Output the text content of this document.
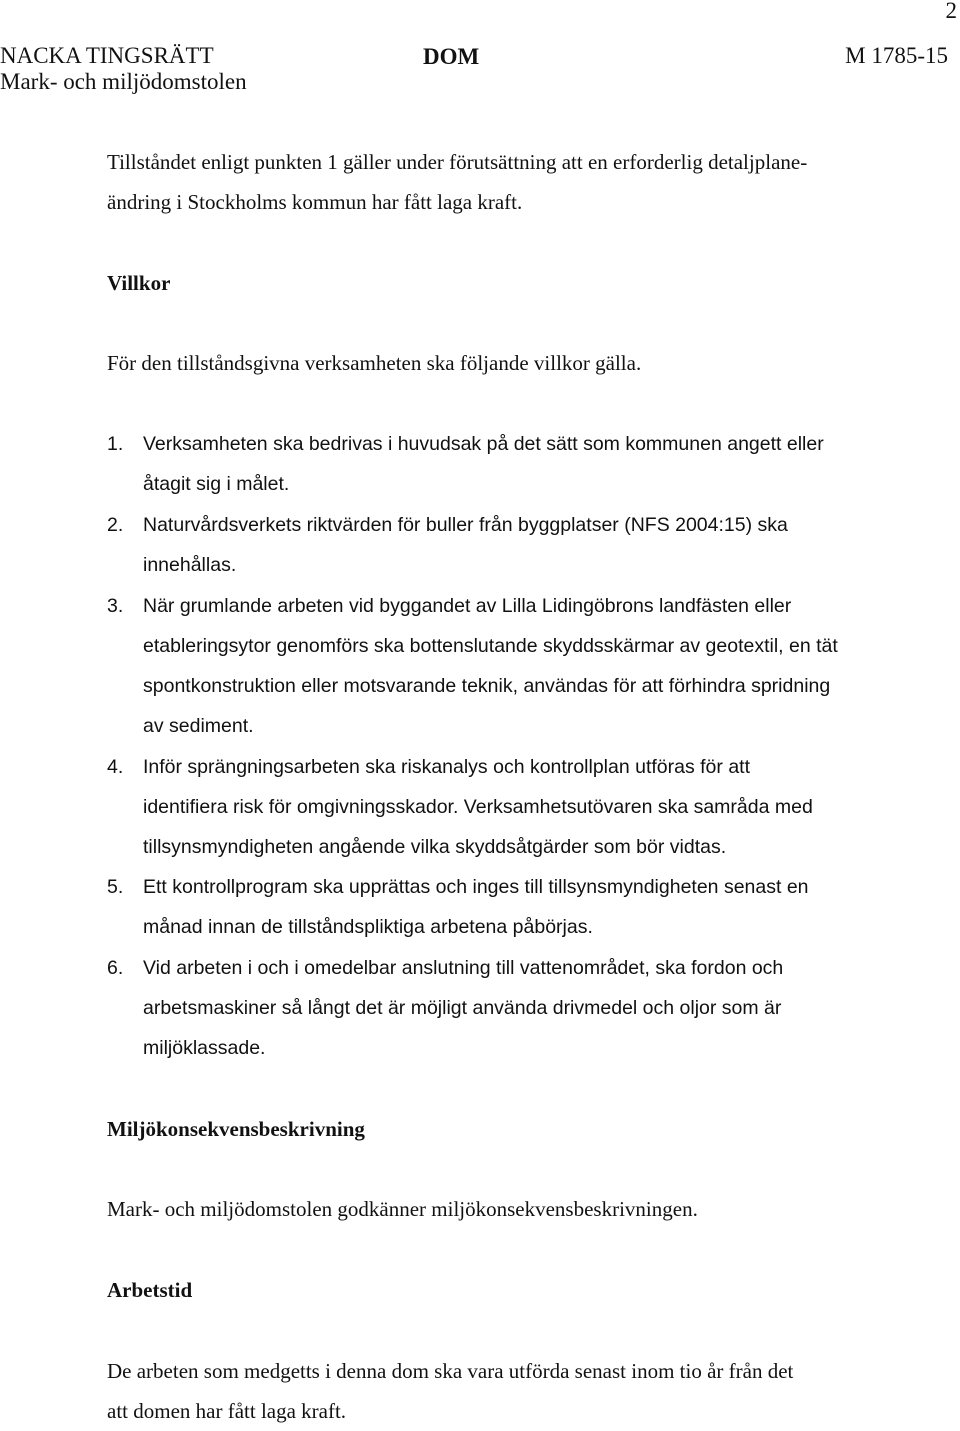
2
NACKA TINGSRÄTT
Mark- och miljödomstolen
DOM	M 1785-15
Tillståndet enligt punkten 1 gäller under förutsättning att en erforderlig detaljplane-
ändring i Stockholms kommun har fått laga kraft.
Villkor
För den tillståndsgivna verksamheten ska följande villkor gälla.
1. Verksamheten ska bedrivas i huvudsak på det sätt som kommunen angett eller
åtagit sig i målet.
2. Naturvårdsverkets riktvärden för buller från byggplatser (NFS 2004:15) ska
innehållas.
3. När grumlande arbeten vid byggandet av Lilla Lidingöbrons landfästen eller
etableringsytor genomförs ska bottenslutande skyddsskärmar av geotextil, en tät
spontkonstruktion eller motsvarande teknik, användas för att förhindra spridning
av sediment.
4. Inför sprängningsarbeten ska riskanalys och kontrollplan utföras för att
identifiera risk för omgivningsskador. Verksamhetsutövaren ska samråda med
tillsynsmyndigheten angående vilka skyddsåtgärder som bör vidtas.
5. Ett kontrollprogram ska upprättas och inges till tillsynsmyndigheten senast en
månad innan de tillståndspliktiga arbetena påbörjas.
6. Vid arbeten i och i omedelbar anslutning till vattenområdet, ska fordon och
arbetsmaskiner så långt det är möjligt använda drivmedel och oljor som är
miljöklassade.
Miljökonsekvensbeskrivning
Mark- och miljödomstolen godkänner miljökonsekvensbeskrivningen.
Arbetstid
De arbeten som medgetts i denna dom ska vara utförda senast inom tio år från det
att domen har fått laga kraft.
